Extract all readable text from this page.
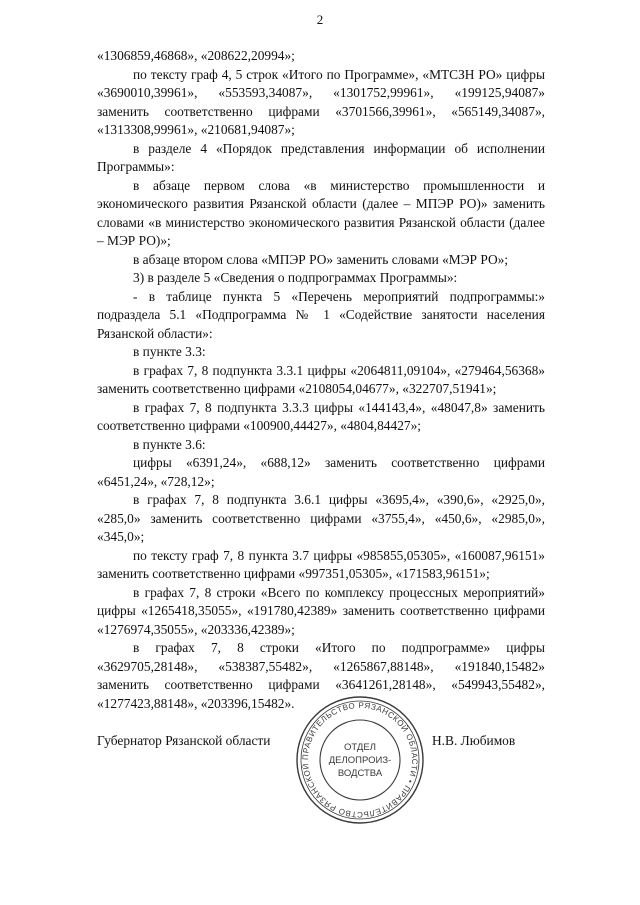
2

«1306859,46868», «208622,20994»;

по тексту граф 4, 5 строк «Итого по Программе», «МТСЗН РО» цифры «3690010,39961», «553593,34087», «1301752,99961», «199125,94087» заменить соответственно цифрами «3701566,39961», «565149,34087», «1313308,99961», «210681,94087»;

в разделе 4 «Порядок представления информации об исполнении Программы»:

в абзаце первом слова «в министерство промышленности и экономического развития Рязанской области (далее – МПЭР РО)» заменить словами «в министерство экономического развития Рязанской области (далее – МЭР РО)»;

в абзаце втором слова «МПЭР РО» заменить словами «МЭР РО»;

3) в разделе 5 «Сведения о подпрограммах Программы»:

- в таблице пункта 5 «Перечень мероприятий подпрограммы:» подраздела 5.1 «Подпрограмма № 1 «Содействие занятости населения Рязанской области»:

в пункте 3.3:

в графах 7, 8 подпункта 3.3.1 цифры «2064811,09104», «279464,56368» заменить соответственно цифрами «2108054,04677», «322707,51941»;

в графах 7, 8 подпункта 3.3.3 цифры «144143,4», «48047,8» заменить соответственно цифрами «100900,44427», «4804,84427»;

в пункте 3.6:

цифры «6391,24», «688,12» заменить соответственно цифрами «6451,24», «728,12»;

в графах 7, 8 подпункта 3.6.1 цифры «3695,4», «390,6», «2925,0», «285,0» заменить соответственно цифрами «3755,4», «450,6», «2985,0», «345,0»;

по тексту граф 7, 8 пункта 3.7 цифры «985855,05305», «160087,96151» заменить соответственно цифрами «997351,05305», «171583,96151»;

в графах 7, 8 строки «Всего по комплексу процессных мероприятий» цифры «1265418,35055», «191780,42389» заменить соответственно цифрами «1276974,35055», «203336,42389»;

в графах 7, 8 строки «Итого по подпрограмме» цифры «3629705,28148», «538387,55482», «1265867,88148», «191840,15482» заменить соответственно цифрами «3641261,28148», «549943,55482», «1277423,88148», «203396,15482».

Губернатор Рязанской области	Н.В. Любимов
ПРАВИТЕЛЬСТВО РЯЗАНСКОЙ ОБЛАСТИ • ПРАВИТЕЛЬСТВО РЯЗАНСКОЙ
ОТДЕЛ
ДЕЛОПРОИЗ-
ВОДСТВА
